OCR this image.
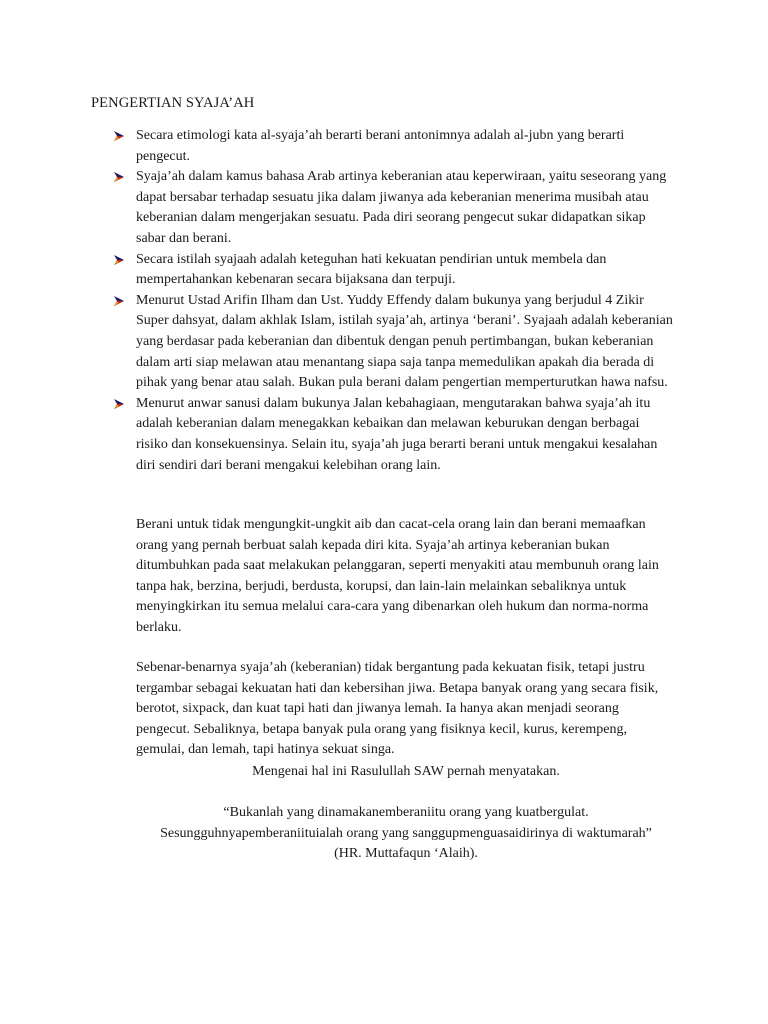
PENGERTIAN SYAJA’AH
Secara etimologi kata al-syaja’ah berarti berani antonimnya adalah al-jubn yang berarti pengecut.
Syaja’ah dalam kamus bahasa Arab artinya keberanian atau keperwiraan, yaitu seseorang yang dapat bersabar terhadap sesuatu jika dalam jiwanya ada keberanian menerima musibah atau keberanian dalam mengerjakan sesuatu. Pada diri seorang pengecut sukar didapatkan sikap sabar dan berani.
Secara istilah syajaah adalah keteguhan hati kekuatan pendirian untuk membela dan mempertahankan kebenaran secara bijaksana dan terpuji.
Menurut Ustad Arifin Ilham dan Ust. Yuddy Effendy dalam bukunya yang berjudul 4 Zikir Super dahsyat, dalam akhlak Islam, istilah syaja’ah, artinya ‘berani’. Syajaah adalah keberanian yang berdasar pada keberanian dan dibentuk dengan penuh pertimbangan, bukan keberanian dalam arti siap melawan atau menantang siapa saja tanpa memedulikan apakah dia berada di pihak yang benar atau salah. Bukan pula berani dalam pengertian memperturutkan hawa nafsu.
Menurut anwar sanusi dalam bukunya Jalan kebahagiaan, mengutarakan bahwa syaja’ah itu adalah keberanian dalam menegakkan kebaikan dan melawan keburukan dengan berbagai risiko dan konsekuensinya. Selain itu, syaja’ah juga berarti berani untuk mengakui kesalahan diri sendiri dari berani mengakui kelebihan orang lain.

Berani untuk tidak mengungkit-ungkit aib dan cacat-cela orang lain dan berani memaafkan orang yang pernah berbuat salah kepada diri kita. Syaja’ah artinya keberanian bukan ditumbuhkan pada saat melakukan pelanggaran, seperti menyakiti atau membunuh orang lain tanpa hak, berzina, berjudi, berdusta, korupsi, dan lain-lain melainkan sebaliknya untuk menyingkirkan itu semua melalui cara-cara yang dibenarkan oleh hukum dan norma-norma berlaku.

Sebenar-benarnya syaja’ah (keberanian) tidak bergantung pada kekuatan fisik, tetapi justru tergambar sebagai kekuatan hati dan kebersihan jiwa. Betapa banyak orang yang secara fisik, berotot, sixpack, dan kuat tapi hati dan jiwanya lemah. Ia hanya akan menjadi seorang pengecut. Sebaliknya, betapa banyak pula orang yang fisiknya kecil, kurus, kerempeng, gemulai, dan lemah, tapi hatinya sekuat singa.

Mengenai hal ini Rasulullah SAW pernah menyatakan.

“Bukanlah yang dinamakanemberaniitu orang yang kuatbergulat.

Sesungguhnyapemberaniituialah orang yang sanggupmenguasaidirinya di waktumarah”

(HR. Muttafaqun ‘Alaih).
